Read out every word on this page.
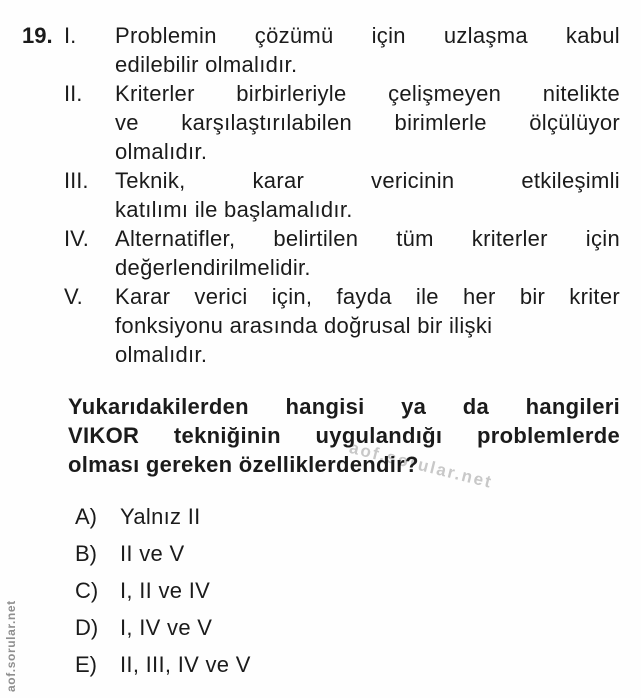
19. I.	Problemin çözümü için uzlaşma kabul
edilebilir olmalıdır.
II.	Kriterler birbirleriyle çelişmeyen nitelikte
ve karşılaştırılabilen birimlerle ölçülüyor
olmalıdır.
III.	Teknik, karar vericinin etkileşimli
katılımı ile başlamalıdır.
IV.	Alternatifler, belirtilen tüm kriterler için
değerlendirilmelidir.
V.	Karar verici için, fayda ile her bir kriter
fonksiyonu arasında doğrusal bir ilişki
olmalıdır.
Yukarıdakilerden hangisi ya da hangileri
VIKOR tekniğinin uygulandığı problemlerde
olması gereken özelliklerdendir?
A)	Yalnız II
B)	II ve V
C) I, II ve IV
D) I, IV ve V
E)	II, III, IV ve V
aof.sorular.net
aof.sorular.net
